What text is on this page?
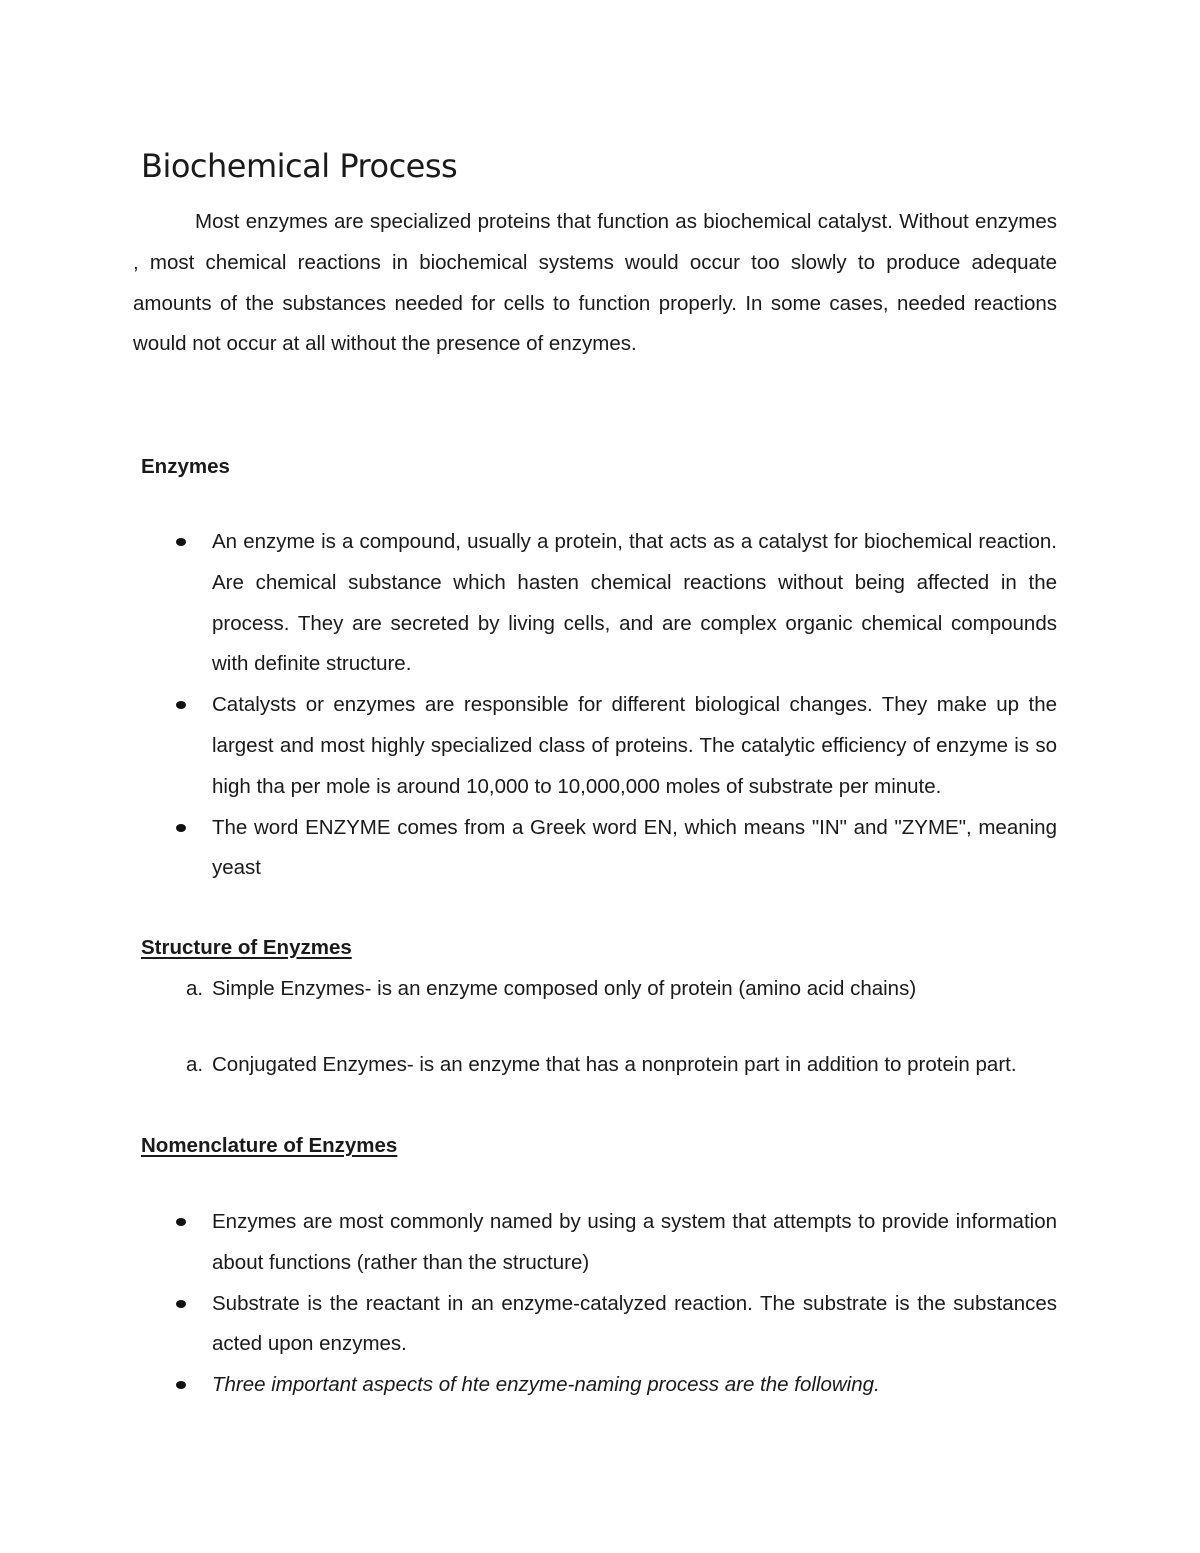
Biochemical Process

Most enzymes are specialized proteins that function as biochemical catalyst. Without enzymes , most chemical reactions in biochemical systems would occur too slowly to produce adequate amounts of the substances needed for cells to function properly. In some cases, needed reactions would not occur at all without the presence of enzymes.

Enzymes
An enzyme is a compound, usually a protein, that acts as a catalyst for biochemical reaction. Are chemical substance which hasten chemical reactions without being affected in the process. They are secreted by living cells, and are complex organic chemical compounds with definite structure.
Catalysts or enzymes are responsible for different biological changes. They make up the largest and most highly specialized class of proteins. The catalytic efficiency of enzyme is so high tha per mole is around 10,000 to 10,000,000 moles of substrate per minute.
The word ENZYME comes from a Greek word EN, which means "IN" and "ZYME", meaning yeast
Structure of Enyzmes
a. Simple Enzymes- is an enzyme composed only of protein (amino acid chains)
a. Conjugated Enzymes- is an enzyme that has a nonprotein part in addition to protein part.
Nomenclature of Enzymes
Enzymes are most commonly named by using a system that attempts to provide information about functions (rather than the structure)
Substrate is the reactant in an enzyme-catalyzed reaction. The substrate is the substances acted upon enzymes.
Three important aspects of hte enzyme-naming process are the following.
